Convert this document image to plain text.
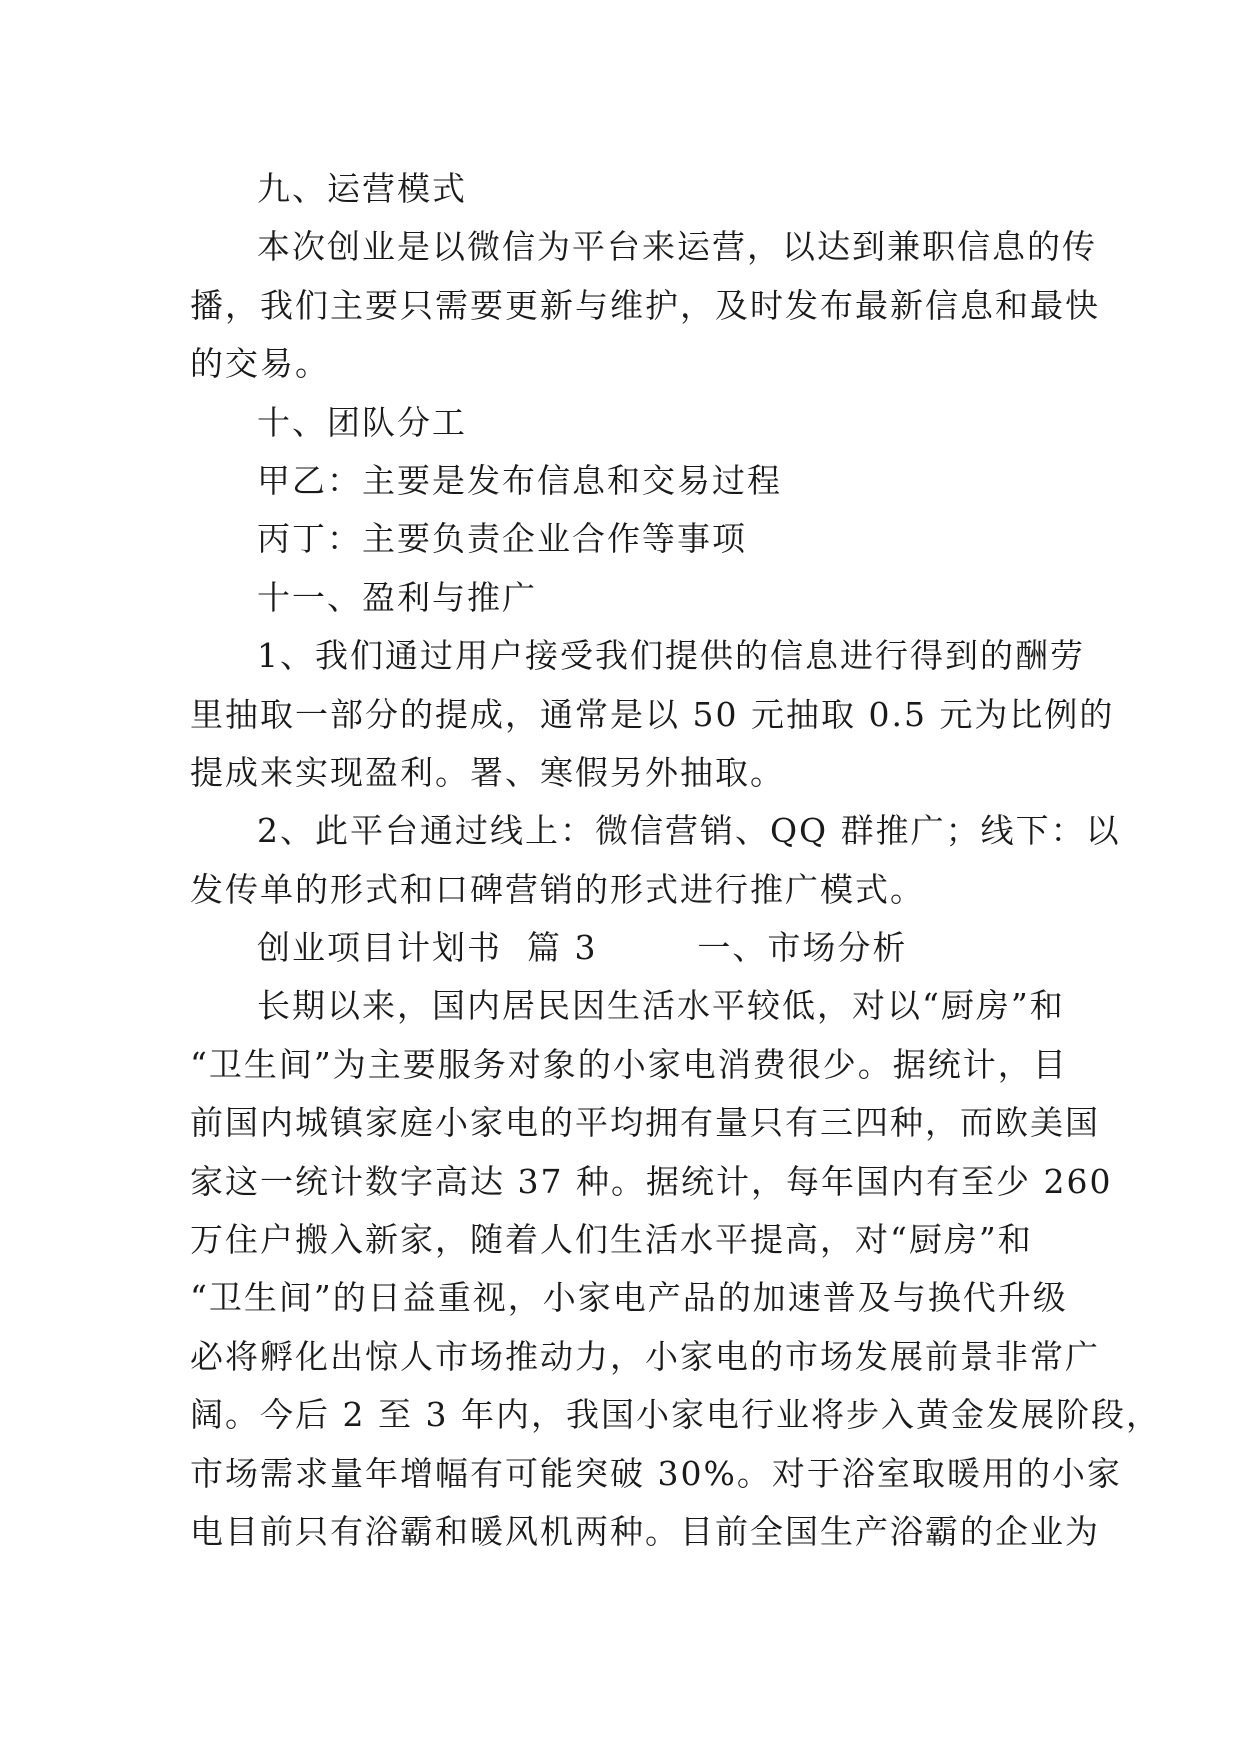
九、运营模式
本次创业是以微信为平台来运营，以达到兼职信息的传
播，我们主要只需要更新与维护，及时发布最新信息和最快
的交易。
十、团队分工
甲乙：主要是发布信息和交易过程
丙丁：主要负责企业合作等事项
十一、盈利与推广
1、我们通过用户接受我们提供的信息进行得到的酬劳
里抽取一部分的提成，通常是以 50 元抽取 0.5 元为比例的
提成来实现盈利。署、寒假另外抽取。
2、此平台通过线上：微信营销、QQ 群推广；线下：以
发传单的形式和口碑营销的形式进行推广模式。
创业项目计划书  篇 3        一、市场分析
长期以来，国内居民因生活水平较低，对以“厨房”和
“卫生间”为主要服务对象的小家电消费很少。据统计，目
前国内城镇家庭小家电的平均拥有量只有三四种，而欧美国
家这一统计数字高达 37 种。据统计，每年国内有至少 260
万住户搬入新家，随着人们生活水平提高，对“厨房”和
“卫生间”的日益重视，小家电产品的加速普及与换代升级
必将孵化出惊人市场推动力，小家电的市场发展前景非常广
阔。今后 2 至 3 年内，我国小家电行业将步入黄金发展阶段，
市场需求量年增幅有可能突破 30%。对于浴室取暖用的小家
电目前只有浴霸和暖风机两种。目前全国生产浴霸的企业为
